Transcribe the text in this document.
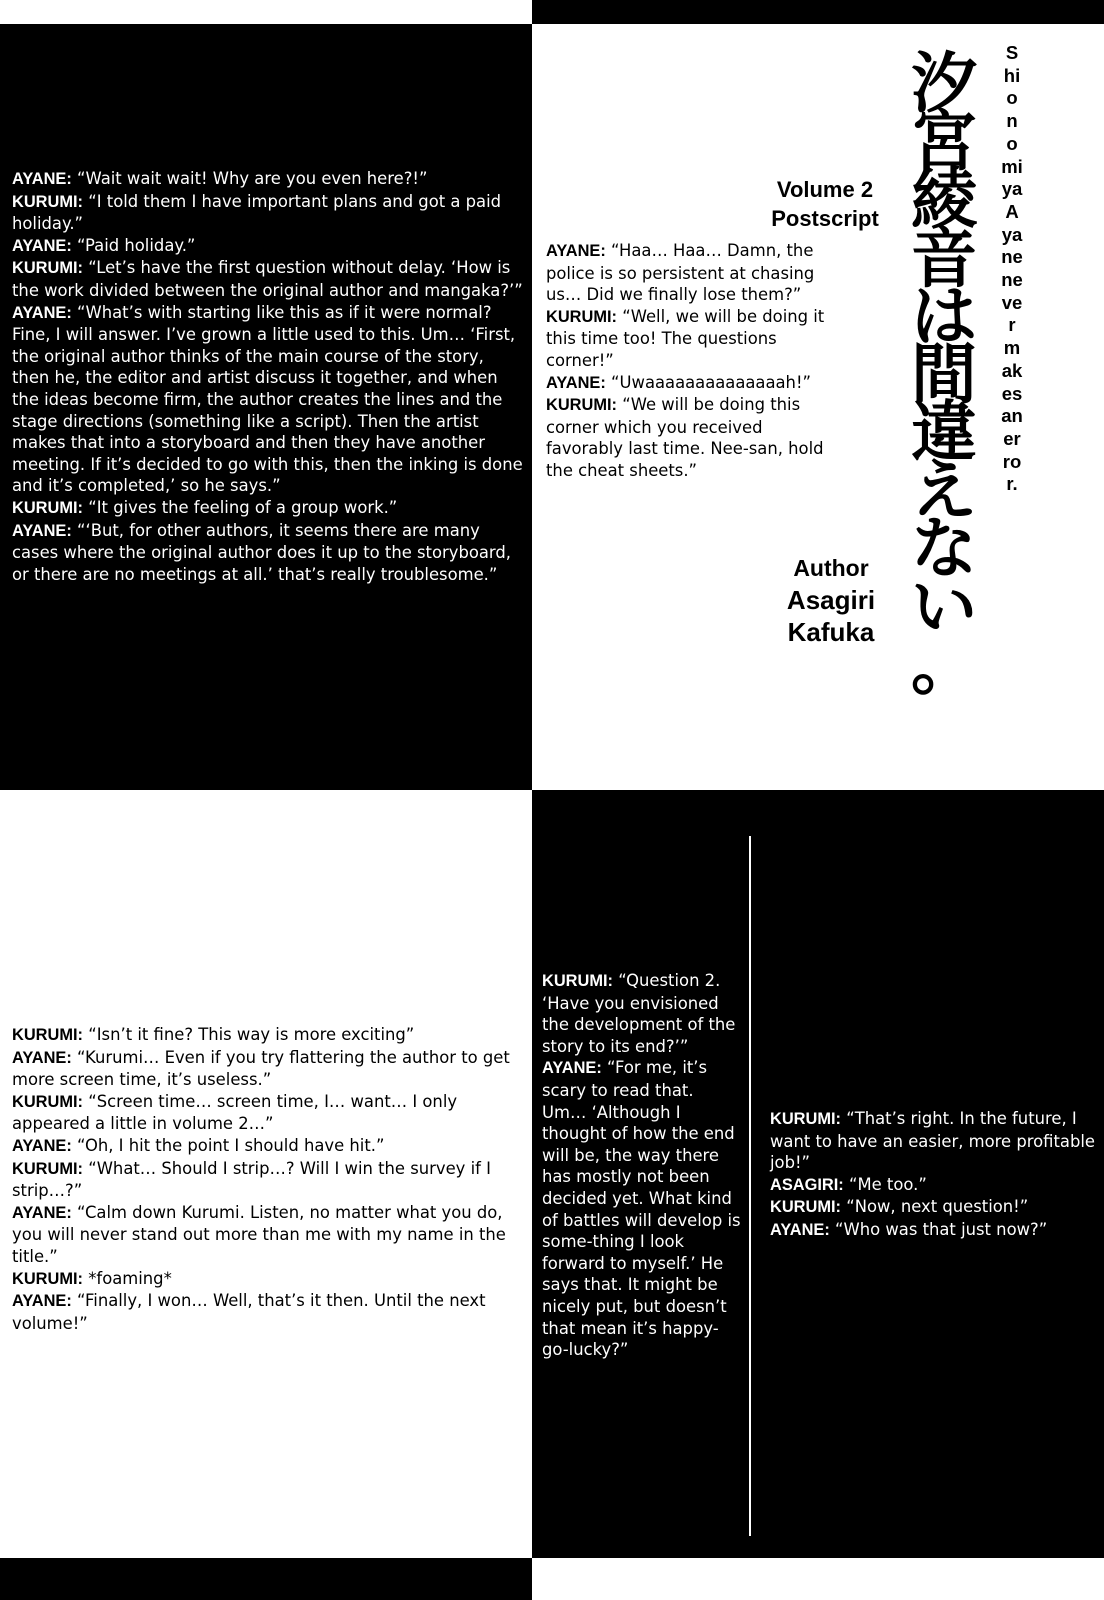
AYANE: “Wait wait wait! Why are you even here?!”

KURUMI: “I told them I have important plans and got a paid holiday.”

AYANE: “Paid holiday.”

KURUMI: “Let’s have the first question without delay. ‘How is the work divided between the original author and mangaka?’”

AYANE: “What’s with starting like this as if it were normal? Fine, I will answer. I’ve grown a little used to this. Um… ‘First, the original author thinks of the main course of the story, then he, the editor and artist discuss it together, and when the ideas become firm, the author creates the lines and the stage directions (something like a script). Then the artist makes that into a storyboard and then they have another meeting. If it’s decided to go with this, then the inking is done and it’s completed,’ so he says.”

KURUMI: “It gives the feeling of a group work.”

AYANE: “‘But, for other authors, it seems there are many cases where the original author does it up to the storyboard, or there are no meetings at all.’ that’s really troublesome.”

Volume 2
Postscript
Author
Asagiri
Kafuka
汐宮綾音は間違えない。
Shionomiya Ayane never makes an error.

AYANE: “Haa… Haa… Damn, the police is so persistent at chasing us… Did we finally lose them?”

KURUMI: “Well, we will be doing it this time too! The questions corner!”

AYANE: “Uwaaaaaaaaaaaaaah!”

KURUMI: “We will be doing this corner which you received favorably last time. Nee-san, hold the cheat sheets.”

KURUMI: “Isn’t it fine? This way is more exciting”

AYANE: “Kurumi… Even if you try flattering the author to get more screen time, it’s useless.”

KURUMI: “Screen time… screen time, I… want… I only appeared a little in volume 2…”

AYANE: “Oh, I hit the point I should have hit.”

KURUMI: “What… Should I strip…? Will I win the survey if I strip…?”

AYANE: “Calm down Kurumi. Listen, no matter what you do, you will never stand out more than me with my name in the title.”

KURUMI: *foaming*

AYANE: “Finally, I won… Well, that’s it then. Until the next volume!”

KURUMI: “Question 2. ‘Have you envisioned the development of the story to its end?’”

AYANE: “For me, it’s scary to read that. Um… ‘Although I thought of how the end will be, the way there has mostly not been decided yet. What kind of battles will develop is some-thing I look forward to myself.’ He says that. It might be nicely put, but doesn’t that mean it’s happy-go-lucky?”

KURUMI: “That’s right. In the future, I want to have an easier, more profitable job!”

ASAGIRI: “Me too.”

KURUMI: “Now, next question!”

AYANE: “Who was that just now?”
